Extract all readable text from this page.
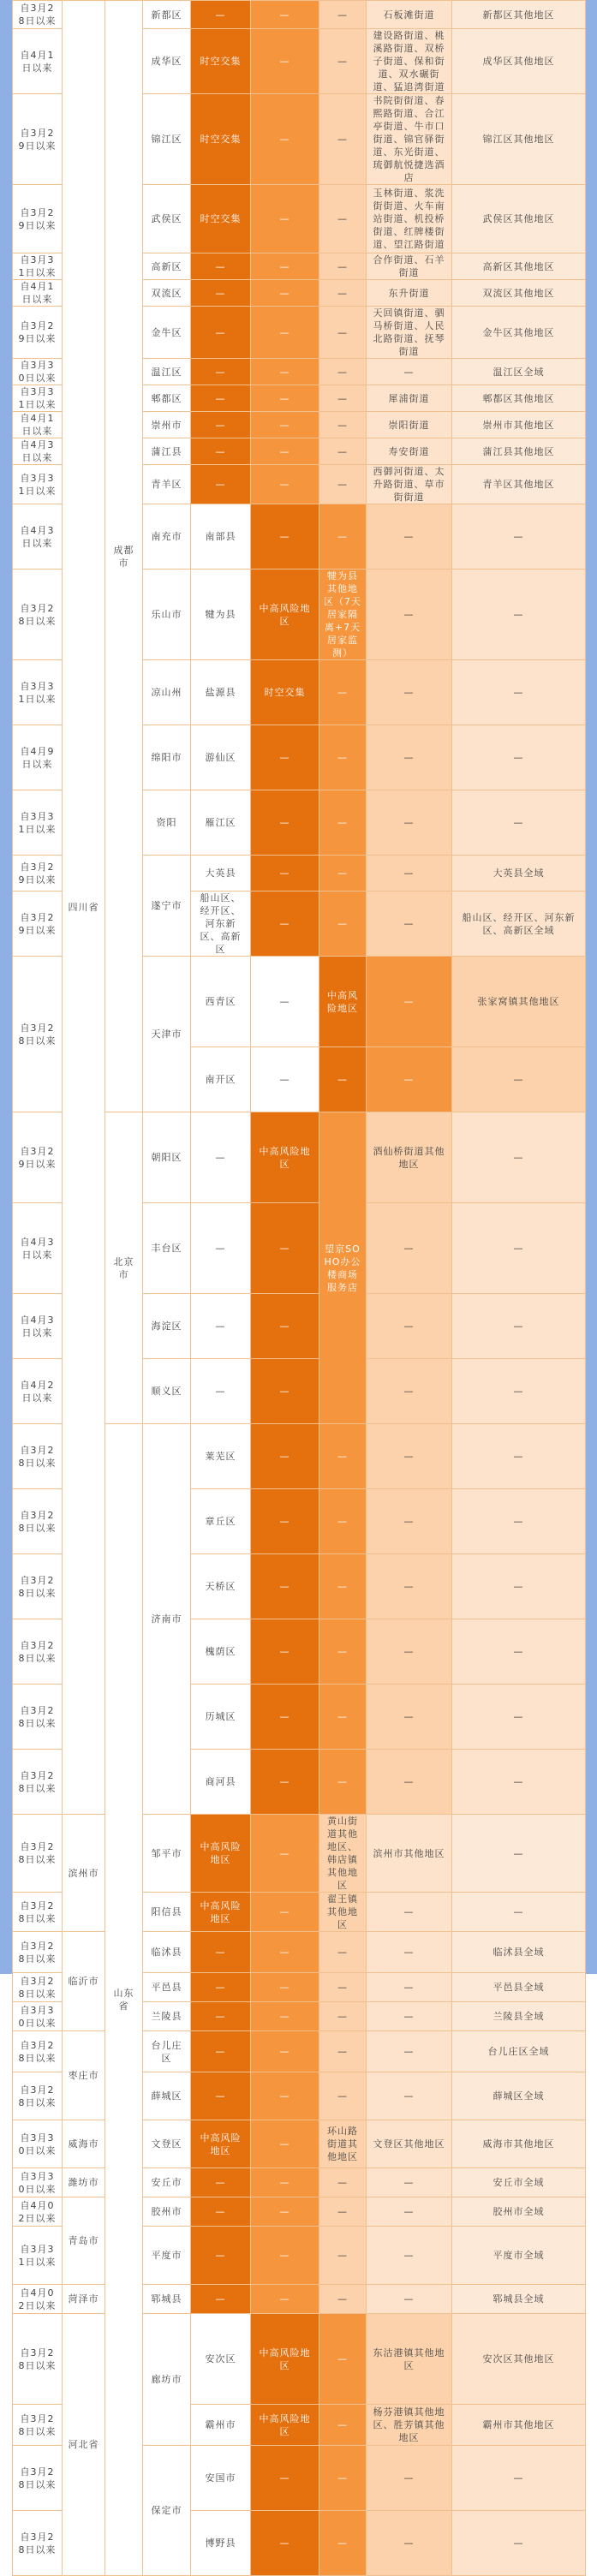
自3月28日以来	四川省	成都市	新都区	—	—	—	石板滩街道	新都区其他地区	
自4月1日以来			成华区	时空交集	—	—	建设路街道、桃溪路街道、双桥子街道、保和街道、双水碾街道、猛追湾街道	成华区其他地区	
自3月29日以来			锦江区	时空交集	—	—	书院街街道、春熙路街道、合江亭街道、牛市口街道、锦官驿街道、东光街道、琉御航悦捷选酒店	锦江区其他地区	
自3月29日以来			武侯区	时空交集	—	—	玉林街道、浆洗街街道、火车南站街道、机投桥街道、红牌楼街道、望江路街道	武侯区其他地区	
自3月31日以来			高新区	—	—	—	合作街道、石羊街道	高新区其他地区	
自4月1日以来			双流区	—	—	—	东升街道	双流区其他地区	
自3月29日以来			金牛区	—	—	—	天回镇街道、驷马桥街道、人民北路街道、抚琴街道	金牛区其他地区	
自3月30日以来			温江区	—	—	—	—	温江区全域	
自3月31日以来			郫都区	—	—	—	犀浦街道	郫都区其他地区	
自4月1日以来			崇州市	—	—	—	崇阳街道	崇州市其他地区	
自4月3日以来			蒲江县	—	—	—	寿安街道	蒲江县其他地区	
自3月31日以来			青羊区	—	—	—	西御河街道、太升路街道、草市街街道	青羊区其他地区	
自4月3日以来			南充市	南部县	—	—	—	—	
自3月28日以来			乐山市	犍为县	中高风险地区	犍为县其他地区（7天居家隔离+7天居家监测）	—	—	
自3月31日以来			凉山州	盐源县	时空交集	—	—	—	
自4月9日以来			绵阳市	游仙区	—	—	—	—	
自3月31日以来			资阳	雁江区	—	—	—	—	
自3月29日以来			遂宁市	大英县	—	—	—	大英县全域	
自3月29日以来				船山区、经开区、河东新区、高新区	—	—	—	船山区、经开区、河东新区、高新区全域	
自3月28日以来			天津市	西青区	—	中高风险地区	—	张家窝镇其他地区		
				南开区	—	—	—	—		
自3月29日以来		北京市	朝阳区	—	中高风险地区	望京SOHO办公楼商场服务店	酒仙桥街道其他地区	—	
自4月3日以来			丰台区	—	—		—	—	
自4月3日以来			海淀区	—	—		—	—	
自4月2日以来			顺义区	—	—		—	—	
自3月28日以来		山东省	济南市	莱芜区	—	—	—	—	
自3月28日以来				章丘区	—	—	—	—	
自3月28日以来				天桥区	—	—	—	—	
自3月28日以来				槐荫区	—	—	—	—	
自3月28日以来				历城区	—	—	—	—	
自3月28日以来				商河县	—	—	—	—	
自3月28日以来	滨州市		邹平市	中高风险地区	—	黄山街道其他地区、韩店镇其他地区	滨州市其他地区	—	
自3月28日以来			阳信县	中高风险地区	—	翟王镇其他地区	—	—	
自3月28日以来	临沂市		临沭县	—	—	—	—	临沭县全域	
自3月28日以来			平邑县	—	—	—	—	平邑县全域	
自3月30日以来			兰陵县	—	—	—	—	兰陵县全域	
自3月28日以来	枣庄市		台儿庄区	—	—	—	—	台儿庄区全域	
自3月28日以来			薛城区	—	—	—	—	薛城区全域	
自3月30日以来	威海市		文登区	中高风险地区	—	环山路街道其他地区	文登区其他地区	威海市其他地区	
自3月30日以来	潍坊市		安丘市	—	—	—	—	安丘市全域	
自4月02日以来	青岛市		胶州市	—	—	—	—	胶州市全域	
自3月31日以来			平度市	—	—	—	—	平度市全域	
自4月02日以来	菏泽市		郓城县	—	—	—	—	郓城县全域	
自3月28日以来	河北省		廊坊市	安次区	中高风险地区	—	东沽港镇其他地区	安次区其他地区	
自3月28日以来				霸州市	中高风险地区	—	杨芬港镇其他地区、胜芳镇其他地区	霸州市其他地区	
自3月28日以来			保定市	安国市	—	—	—	—	
自3月28日以来				博野县	—	—	—	—	
